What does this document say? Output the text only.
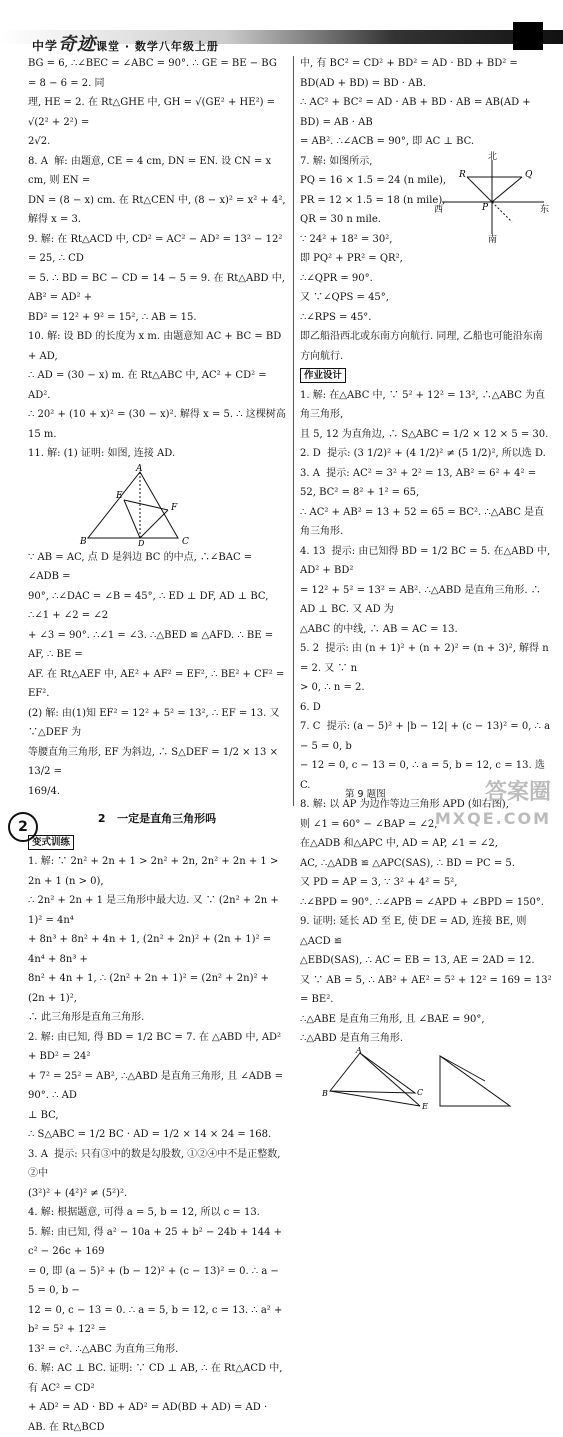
中学奇迹课堂 · 数学八年级上册

BG = 6, ∴∠BEC = ∠ABC = 90°. ∴ GE = BE − BG = 8 − 6 = 2. 同

理, HE = 2. 在 Rt△GHE 中, GH = √(GE² + HE²) = √(2² + 2²) =

2√2.

8. A  解: 由题意, CE = 4 cm, DN = EN. 设 CN = x cm, 则 EN =

DN = (8 − x) cm. 在 Rt△CEN 中, (8 − x)² = x² + 4², 解得 x = 3.

9. 解: 在 Rt△ACD 中, CD² = AC² − AD² = 13² − 12² = 25, ∴ CD

= 5. ∴ BD = BC − CD = 14 − 5 = 9. 在 Rt△ABD 中, AB² = AD² +

BD² = 12² + 9² = 15², ∴ AB = 15.

10. 解: 设 BD 的长度为 x m. 由题意知 AC + BC = BD + AD,

∴ AD = (30 − x) m. 在 Rt△ABC 中, AC² + CD² = AD².

∴ 20² + (10 + x)² = (30 − x)². 解得 x = 5. ∴ 这棵树高 15 m.

11. 解: (1) 证明: 如图, 连接 AD.

B	C
A
E
F
D

∵ AB = AC, 点 D 是斜边 BC 的中点, ∴∠BAC = ∠ADB =

90°, ∴∠DAC = ∠B = 45°, ∴ ED ⊥ DF, AD ⊥ BC, ∴∠1 + ∠2 = ∠2

+ ∠3 = 90°. ∴∠1 = ∠3. ∴△BED ≌ △AFD. ∴ BE = AF, ∴ BE =

AF. 在 Rt△AEF 中, AE² + AF² = EF², ∴ BE² + CF² = EF².

(2) 解: 由(1)知 EF² = 12² + 5² = 13², ∴ EF = 13. 又 ∵△DEF 为

等腰直角三角形, EF 为斜边, ∴ S△DEF = 1/2 × 13 × 13/2 =

169/4.

2   一定是直角三角形吗

变式训练

1. 解: ∵ 2n² + 2n + 1 > 2n² + 2n, 2n² + 2n + 1 > 2n + 1 (n > 0),

∴ 2n² + 2n + 1 是三角形中最大边. 又 ∵ (2n² + 2n + 1)² = 4n⁴

+ 8n³ + 8n² + 4n + 1, (2n² + 2n)² + (2n + 1)² = 4n⁴ + 8n³ +

8n² + 4n + 1, ∴ (2n² + 2n + 1)² = (2n² + 2n)² + (2n + 1)²,

∴ 此三角形是直角三角形.

2. 解: 由已知, 得 BD = 1/2 BC = 7. 在 △ABD 中, AD² + BD² = 24²

+ 7² = 25² = AB², ∴△ABD 是直角三角形, 且 ∠ADB = 90°. ∴ AD

⊥ BC,

∴ S△ABC = 1/2 BC · AD = 1/2 × 14 × 24 = 168.

3. A  提示: 只有③中的数是勾股数, ①②④中不是正整数, ②中

(3²)² + (4²)² ≠ (5²)².

4. 解: 根据题意, 可得 a = 5, b = 12, 所以 c = 13.

5. 解: 由已知, 得 a² − 10a + 25 + b² − 24b + 144 + c² − 26c + 169

= 0, 即 (a − 5)² + (b − 12)² + (c − 13)² = 0. ∴ a − 5 = 0, b −

12 = 0, c − 13 = 0. ∴ a = 5, b = 12, c = 13. ∴ a² + b² = 5² + 12² =

13² = c². ∴△ABC 为直角三角形.

6. 解: AC ⊥ BC. 证明: ∵ CD ⊥ AB, ∴ 在 Rt△ACD 中, 有 AC² = CD²

+ AD² = AD · BD + AD² = AD(BD + AD) = AD · AB. 在 Rt△BCD

中, 有 BC² = CD² + BD² = AD · BD + BD² = BD(AD + BD) = BD · AB.

∴ AC² + BC² = AD · AB + BD · AB = AB(AD + BD) = AB · AB

= AB². ∴∠ACB = 90°, 即 AC ⊥ BC.

7. 解: 如图所示,

PQ = 16 × 1.5 = 24 (n mile),

PR = 12 × 1.5 = 18 (n mile),

QR = 30 n mile.

∵ 24² + 18² = 30²,

即 PQ² + PR² = QR²,

∴∠QPR = 90°.

又 ∵∠QPS = 45°,

∴∠RPS = 45°.

即乙船沿西北或东南方向航行. 同理, 乙船也可能沿东南方向航行.

北
南
东
西
R	Q
P
作业设计

1. 解: 在△ABC 中, ∵ 5² + 12² = 13², ∴△ABC 为直角三角形,

且 5, 12 为直角边, ∴ S△ABC = 1/2 × 12 × 5 = 30.

2. D  提示: (3 1/2)² + (4 1/2)² ≠ (5 1/2)², 所以选 D.

3. A  提示: AC² = 3² + 2² = 13, AB² = 6² + 4² = 52, BC² = 8² + 1² = 65,

∴ AC² + AB² = 13 + 52 = 65 = BC². ∴△ABC 是直角三角形.

4. 13  提示: 由已知得 BD = 1/2 BC = 5. 在△ABD 中, AD² + BD²

= 12² + 5² = 13² = AB². ∴△ABD 是直角三角形. ∴ AD ⊥ BC. 又 AD 为

△ABC 的中线, ∴ AB = AC = 13.

5. 2  提示: 由 (n + 1)² + (n + 2)² = (n + 3)², 解得 n = 2. 又 ∵ n

> 0, ∴ n = 2.

6. D

7. C  提示: (a − 5)² + |b − 12| + (c − 13)² = 0, ∴ a − 5 = 0, b

− 12 = 0, c − 13 = 0, ∴ a = 5, b = 12, c = 13. 选 C.

8. 解: 以 AP 为边作等边三角形 APD (如右图),

则 ∠1 = 60° − ∠BAP = ∠2,

在△ADB 和△APC 中, AD = AP, ∠1 = ∠2,

AC, ∴△ADB ≌ △APC(SAS), ∴ BD = PC = 5.

又 PD = AP = 3, ∵ 3² + 4² = 5²,

∴∠BPD = 90°. ∴∠APB = ∠APD + ∠BPD = 150°.

9. 证明: 延长 AD 至 E, 使 DE = AD, 连接 BE, 则△ACD ≌

△EBD(SAS), ∴ AC = EB = 13, AE = 2AD = 12.

又 ∵ AB = 5, ∴ AB² + AE² = 5² + 12² = 169 = 13² = BE².

∴△ABE 是直角三角形, 且 ∠BAE = 90°,

∴△ABD 是直角三角形.

B
A
C
E
第 9 题图
2
答案圈
MXQE.COM
